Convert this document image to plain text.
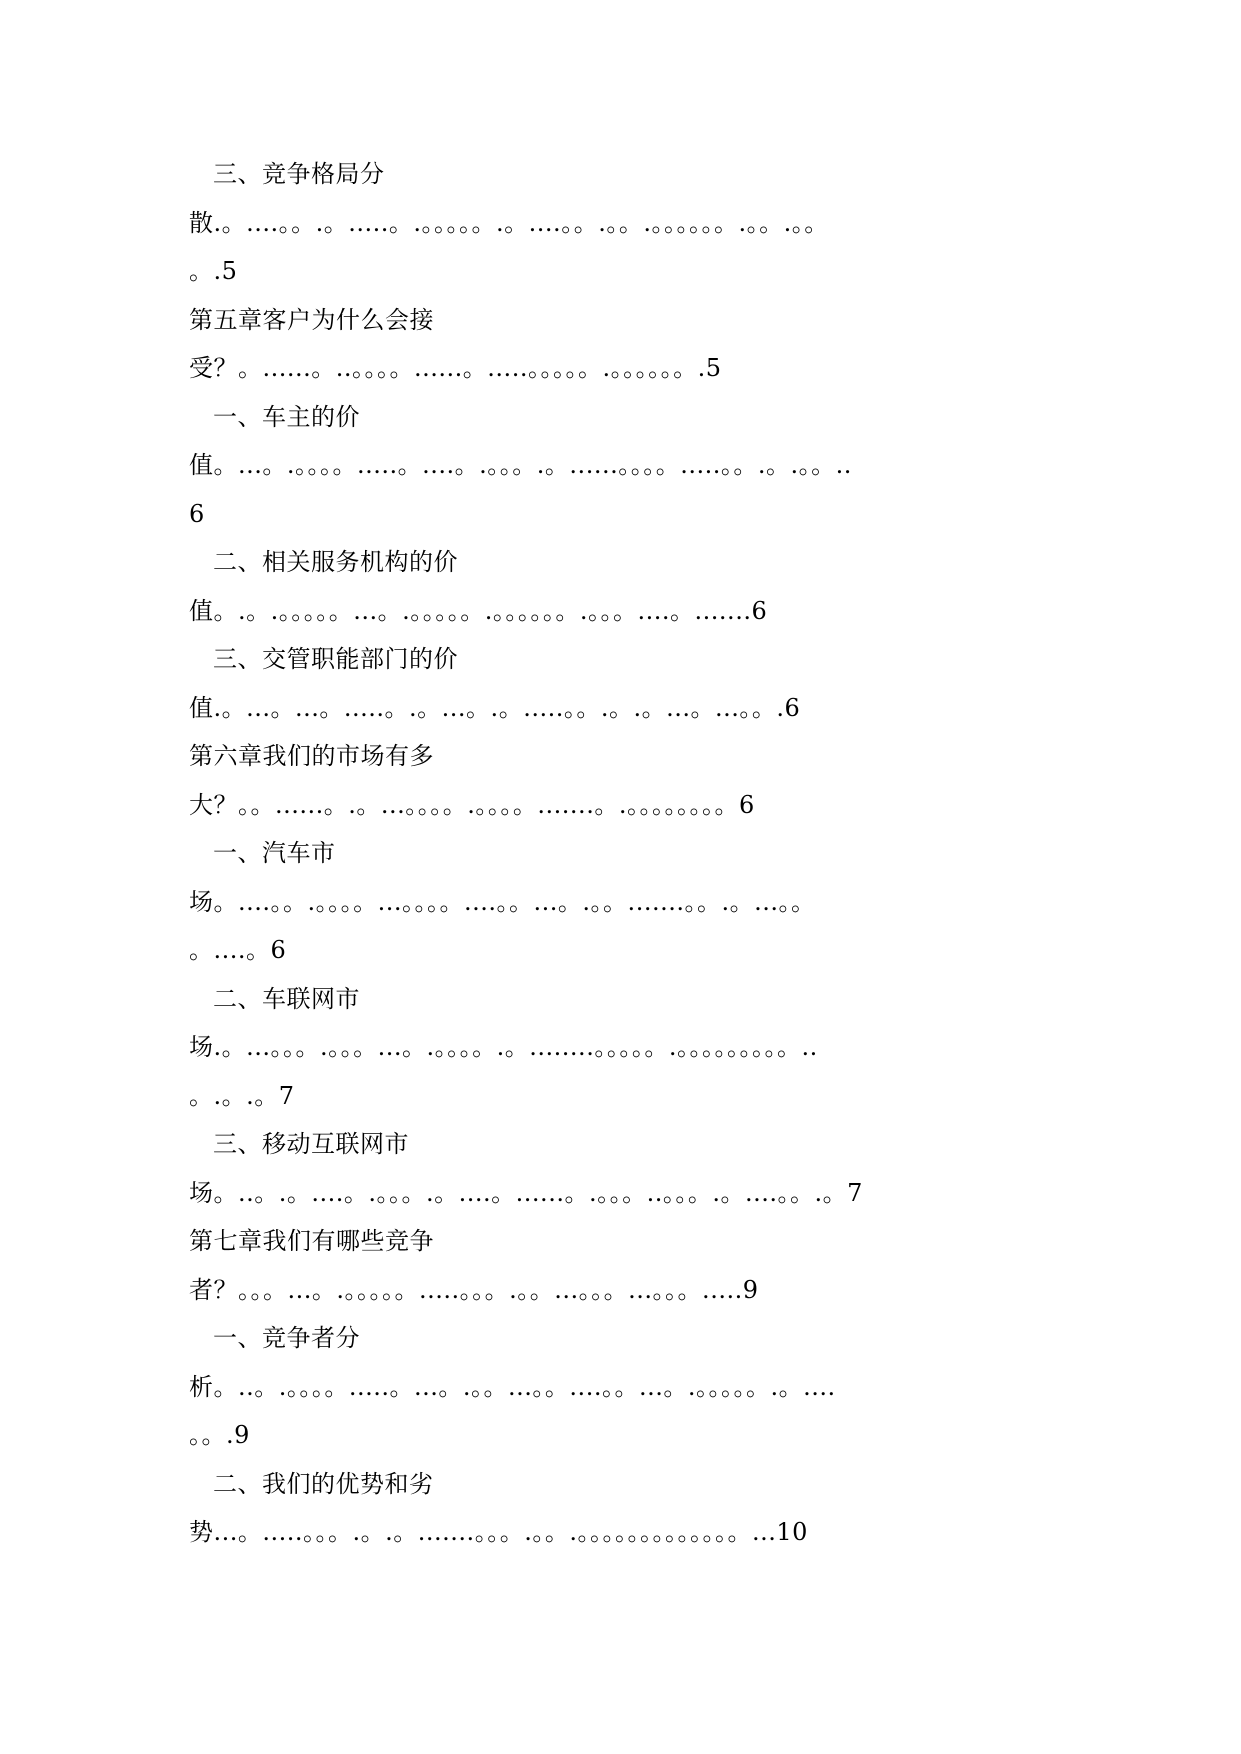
三、竞争格局分
散.。....。。.。.....。.。。。。。.。....。。.。。.。。。。。。.。。.。。
。.5
第五章客户为什么会接
受？。......。..。。。。......。.....。。。。。.。。。。。。.5
一、车主的价
值。...。.。。。。.....。....。.。。。.。......。。。。.....。。.。.。。..
6
二、相关服务机构的价
值。.。.。。。。。...。.。。。。。.。。。。。。.。。。....。.......6
三、交管职能部门的价
值.。...。...。.....。.。...。.。.....。。.。.。...。...。。.6
第六章我们的市场有多
大？。。......。.。...。。。。.。。。。.......。.。。。。。。。。6
一、汽车市
场。....。。.。。。。...。。。。....。。...。.。。.......。。.。...。。
。....。6
二、车联网市
场.。...。。。.。。。...。.。。。。.。........。。。。。.。。。。。。。。。..
。.。.。7
三、移动互联网市
场。..。.。....。.。。。.。....。......。.。。。..。。。.。....。。.。7
第七章我们有哪些竞争
者？。。。...。.。。。。。.....。。。.。。...。。。...。。。.....9
一、竞争者分
析。..。.。。。。.....。...。.。。...。。....。。...。.。。。。。.。....
。。.9
二、我们的优势和劣
势...。.....。。。.。.。.......。。。.。。.。。。。。。。。。。。。。...10
